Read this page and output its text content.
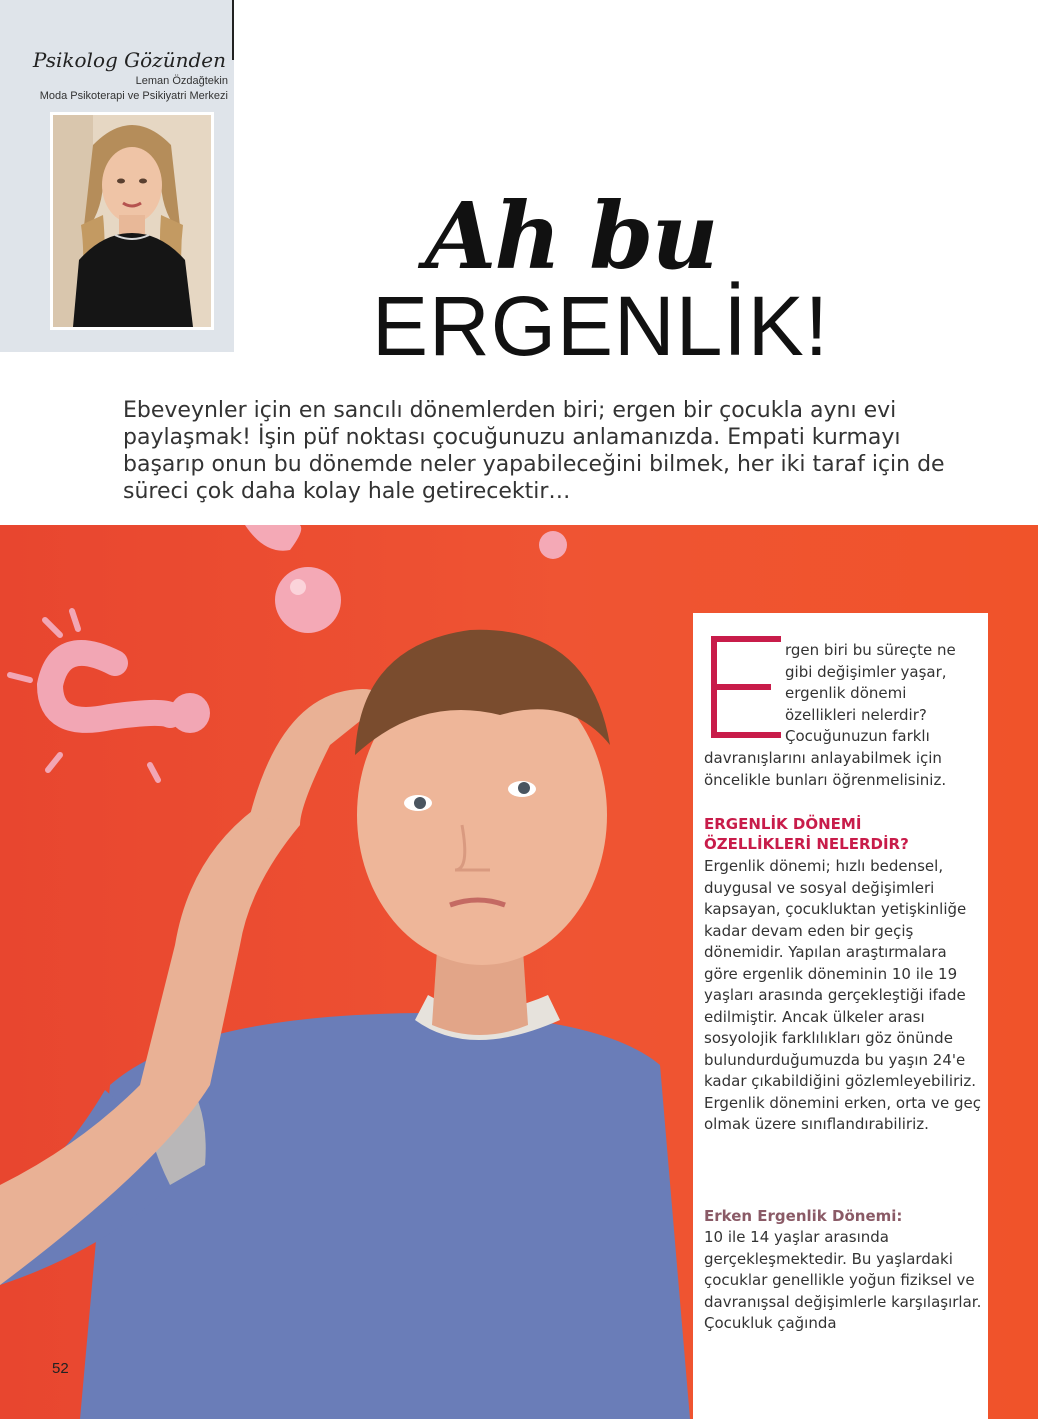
Psikolog Gözünden
Leman Özdağtekin
Moda Psikoterapi ve Psikiyatri Merkezi
Ah bu
ERGENLİK!

Ebeveynler için en sancılı dönemlerden biri; ergen bir çocukla aynı evi paylaşmak! İşin püf noktası çocuğunuzu anlamanızda. Empati kurmayı başarıp onun bu dönemde neler yapabileceğini bilmek, her iki taraf için de süreci çok daha kolay hale getirecektir…

52

rgen biri bu süreçte ne gibi değişimler yaşar, ergenlik dönemi özellikleri nelerdir? Çocuğunuzun farklı

davranışlarını anlayabilmek için öncelikle bunları öğrenmelisiniz.

ERGENLİK DÖNEMİ ÖZELLİKLERİ NELERDİR?

Ergenlik dönemi; hızlı bedensel, duygusal ve sosyal değişimleri kapsayan, çocukluktan yetişkinliğe kadar devam eden bir geçiş dönemidir. Yapılan araştırmalara göre ergenlik döneminin 10 ile 19 yaşları arasında gerçekleştiği ifade edilmiştir. Ancak ülkeler arası sosyolojik farklılıkları göz önünde bulundurduğumuzda bu yaşın 24'e kadar çıkabildiğini gözlemleyebiliriz. Ergenlik dönemini erken, orta ve geç olmak üzere sınıflandırabiliriz.

Erken Ergenlik Dönemi:

10 ile 14 yaşlar arasında gerçekleşmektedir. Bu yaşlardaki çocuklar genellikle yoğun fiziksel ve davranışsal değişimlerle karşılaşırlar. Çocukluk çağında
